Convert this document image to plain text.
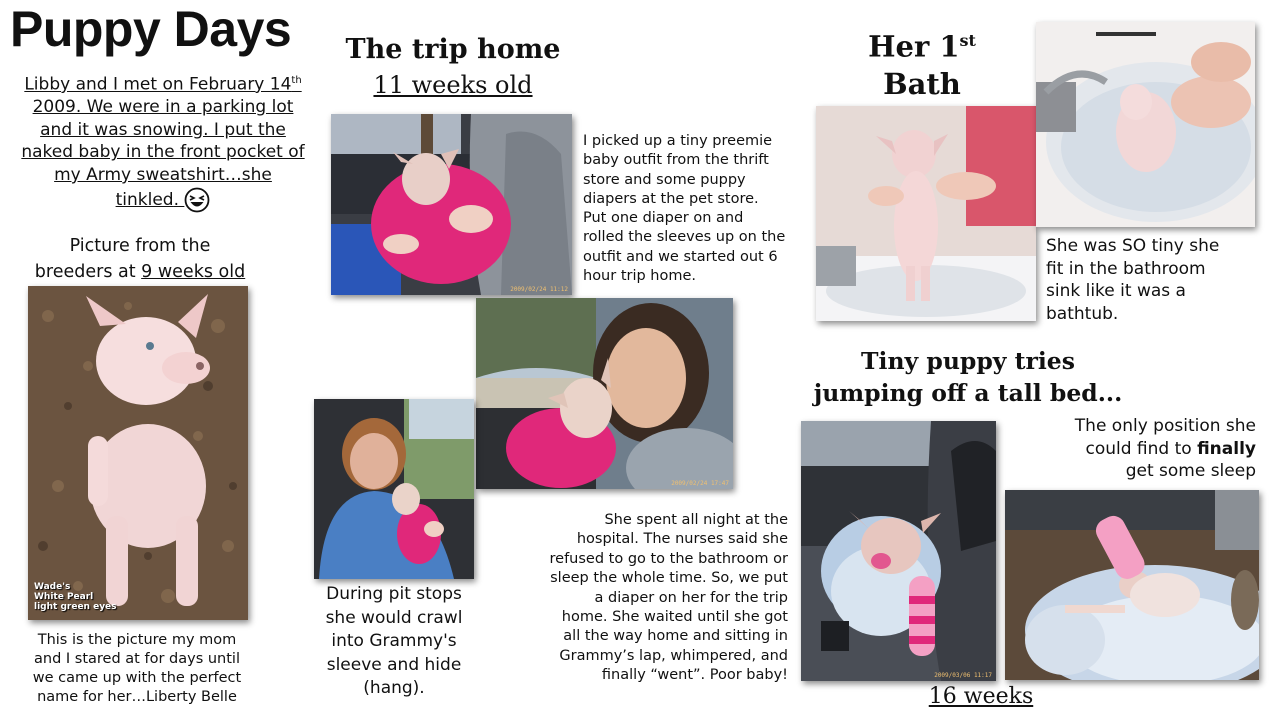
Puppy Days
Libby and I met on February 14th
2009. We were in a parking lot
and it was snowing. I put the
naked baby in the front pocket of
my Army sweatshirt…she
tinkled.
Picture from the
breeders at 9 weeks old
Wade's
White Pearl
light green eyes
This is the picture my mom
and I stared at for days until
we came up with the perfect
name for her…Liberty Belle
The trip home
11 weeks old
2009/02/24 11:12
I picked up a tiny preemie
baby outfit from the thrift
store and some puppy
diapers at the pet store.
Put one diaper on and
rolled the sleeves up on the
outfit and we started out 6
hour trip home.
2009/02/24 17:47
During pit stops
she would crawl
into Grammy's
sleeve and hide
(hang).
She spent all night at the
hospital. The nurses said she
refused to go to the bathroom or
sleep the whole time. So, we put
a diaper on her for the trip
home. She waited until she got
all the way home and sitting in
Grammy’s lap, whimpered, and
finally “went”. Poor baby!
Her 1st
Bath
She was SO tiny she
fit in the bathroom
sink like it was a
bathtub.
Tiny puppy tries
jumping off a tall bed...
The only position she
could find to finally
get some sleep
2009/03/06 11:17
16 weeks
